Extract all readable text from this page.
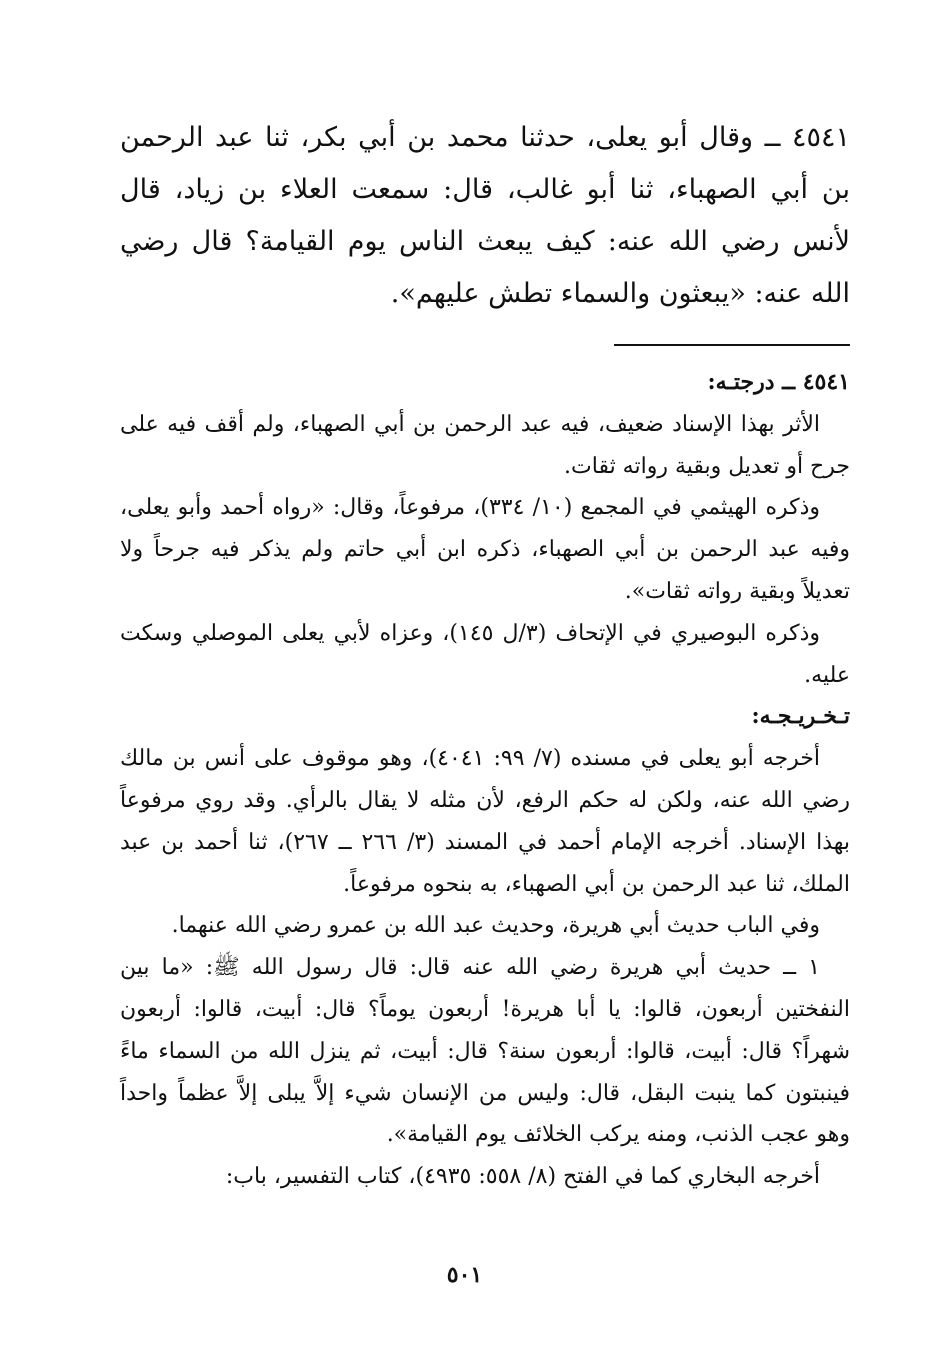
٤٥٤١ ــ وقال أبو يعلى، حدثنا محمد بن أبي بكر، ثنا عبد الرحمن بن أبي الصهباء، ثنا أبو غالب، قال: سمعت العلاء بن زياد، قال لأنس رضي الله عنه: كيف يبعث الناس يوم القيامة؟ قال رضي الله عنه: «يبعثون والسماء تطش عليهم».

٤٥٤١ ــ درجتـه:

الأثر بهذا الإسناد ضعيف، فيه عبد الرحمن بن أبي الصهباء، ولم أقف فيه على جرح أو تعديل وبقية رواته ثقات.

وذكره الهيثمي في المجمع (١٠/ ٣٣٤)، مرفوعاً، وقال: «رواه أحمد وأبو يعلى، وفيه عبد الرحمن بن أبي الصهباء، ذكره ابن أبي حاتم ولم يذكر فيه جرحاً ولا تعديلاً وبقية رواته ثقات».

وذكره البوصيري في الإتحاف (٣/ل ١٤٥)، وعزاه لأبي يعلى الموصلي وسكت عليه.

تـخـريـجـه:

أخرجه أبو يعلى في مسنده (٧/ ٩٩: ٤٠٤١)، وهو موقوف على أنس بن مالك رضي الله عنه، ولكن له حكم الرفع، لأن مثله لا يقال بالرأي. وقد روي مرفوعاً بهذا الإسناد. أخرجه الإمام أحمد في المسند (٣/ ٢٦٦ ــ ٢٦٧)، ثنا أحمد بن عبد الملك، ثنا عبد الرحمن بن أبي الصهباء، به بنحوه مرفوعاً.

وفي الباب حديث أبي هريرة، وحديث عبد الله بن عمرو رضي الله عنهما.

١ ــ حديث أبي هريرة رضي الله عنه قال: قال رسول الله ﷺ: «ما بين النفختين أربعون، قالوا: يا أبا هريرة! أربعون يوماً؟ قال: أبيت، قالوا: أربعون شهراً؟ قال: أبيت، قالوا: أربعون سنة؟ قال: أبيت، ثم ينزل الله من السماء ماءً فينبتون كما ينبت البقل، قال: وليس من الإنسان شيء إلاَّ يبلى إلاَّ عظماً واحداً وهو عجب الذنب، ومنه يركب الخلائف يوم القيامة».

أخرجه البخاري كما في الفتح (٨/ ٥٥٨: ٤٩٣٥)، كتاب التفسير، باب:

٥٠١
